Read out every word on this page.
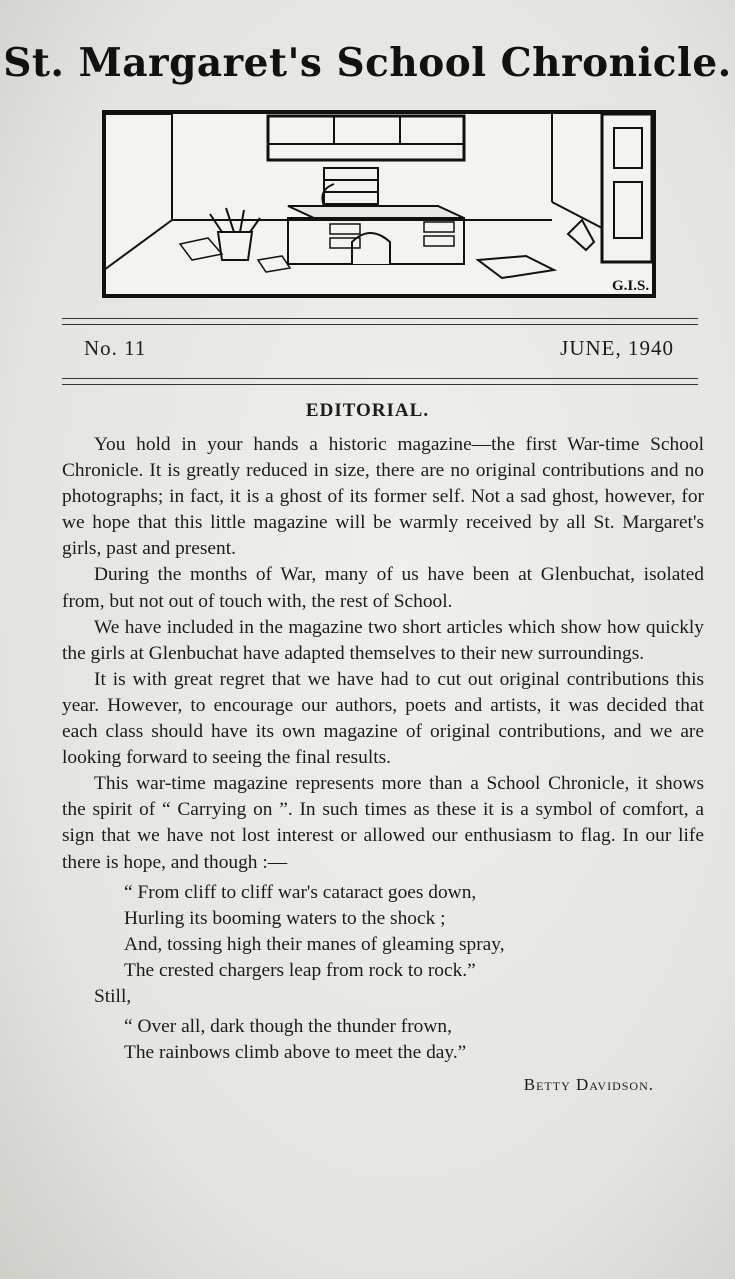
St. Margaret's School Chronicle.
G.I.S.
No. 11	JUNE, 1940
EDITORIAL.

You hold in your hands a historic magazine—the first War-time School Chronicle. It is greatly reduced in size, there are no original contributions and no photographs; in fact, it is a ghost of its former self. Not a sad ghost, however, for we hope that this little magazine will be warmly received by all St. Margaret's girls, past and present.

During the months of War, many of us have been at Glenbuchat, isolated from, but not out of touch with, the rest of School.

We have included in the magazine two short articles which show how quickly the girls at Glenbuchat have adapted themselves to their new surroundings.

It is with great regret that we have had to cut out original contributions this year. However, to encourage our authors, poets and artists, it was decided that each class should have its own magazine of original contributions, and we are looking forward to seeing the final results.

This war-time magazine represents more than a School Chronicle, it shows the spirit of “ Carrying on ”. In such times as these it is a symbol of comfort, a sign that we have not lost interest or allowed our enthusiasm to flag. In our life there is hope, and though :—

“ From cliff to cliff war's cataract goes down,
Hurling its booming waters to the shock ;
And, tossing high their manes of gleaming spray,
The crested chargers leap from rock to rock.”

Still,

“ Over all, dark though the thunder frown,
The rainbows climb above to meet the day.”
Betty Davidson.
